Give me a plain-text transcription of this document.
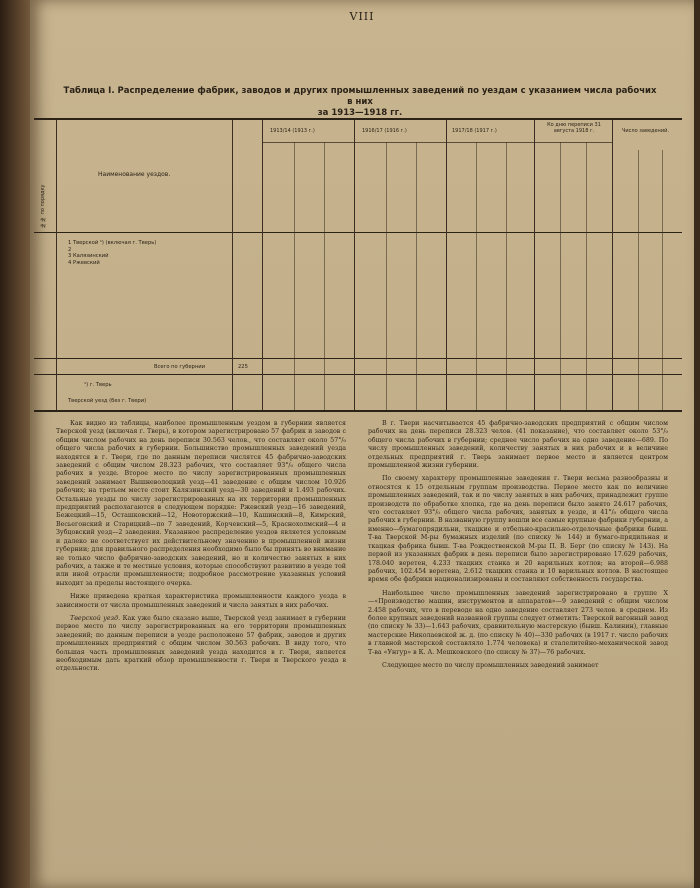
VIII
Таблица I. Распределение фабрик, заводов и других промышленных заведений по уездам с указанием числа рабочих в них
за 1913—1918 гг.
№№ по порядку
Наименование уездов.
1913/14 (1913 г.)	1916/17 (1916 г.)	1917/18 (1917 г.)
Ко дню переписи 31 августа 1918 г.	Число заведений.
1 Тверской ¹) (включая г. Тверь)
2
3 Калязинский
4 Ржевский
Всего по губернии	225
¹) г. Тверь
Тверской уезд (без г. Твери)

Как видно из таблицы, наиболее промышленным уездом в губернии является Тверской уезд (включая г. Тверь), в котором зарегистрировано 57 фабрик и заводов с общим числом рабочих на день переписи 30.563 челов., что составляет около 57°/₀ общего числа рабочих в губернии. Большинство промышленных заведений уезда находятся в г. Твери, где по данным переписи числятся 45 фабрично-заводских заведений с общим числом 28.323 рабочих, что составляет 93°/₀ общего числа рабочих в уезде. Второе место по числу зарегистрированных промышленных заведений занимает Вышневолоцкий уезд—41 заведение с общим числом 10.926 рабочих; на третьем месте стоит Калязинский уезд—30 заведений и 1.493 рабочих. Остальные уезды по числу зарегистрированных на их территории промышленных предприятий располагаются в следующем порядке: Ржевский уезд—16 заведений, Бежецкий—15, Осташковский—12, Новоторжский—10, Кашинский—8, Кимрский, Весьегонский и Старицкий—по 7 заведений, Корчевский—5, Краснохолмский—4 и Зубцовский уезд—2 заведения. Указанное распределение уездов является условным и далеко не соответствует их действительному значению в промышленной жизни губернии; для правильного распределения необходимо было бы принять во внимание не только число фабрично-заводских заведений, но и количество занятых в них рабочих, а также и те местные условия, которые способствуют развитию в уезде той или иной отрасли промышленности; подробное рассмотрение указанных условий выходит за пределы настоящего очерка.

Ниже приведена краткая характеристика промышленности каждого уезда в зависимости от числа промышленных заведений и числа занятых в них рабочих.

Тверской уезд. Как уже было сказано выше, Тверской уезд занимает в губернии первое место по числу зарегистрированных на его территории промышленных заведений; по данным переписи в уезде расположено 57 фабрик, заводов и других промышленных предприятий с общим числом 30.563 рабочих. В виду того, что большая часть промышленных заведений уезда находится в г. Твери, является необходимым дать краткий обзор промышленности г. Твери и Тверского уезда в отдельности.

В г. Твери насчитывается 45 фабрично-заводских предприятий с общим числом рабочих на день переписи 28.323 челов. (41 показание), что составляет около 53°/₀ общего числа рабочих в губернии; среднее число рабочих на одно заведение—689. По числу промышленных заведений, количеству занятых в них рабочих и в величине отдельных предприятий г. Тверь занимает первое место и является центром промышленной жизни губернии.

По своему характеру промышленные заведения г. Твери весьма разнообразны и относятся к 15 отдельным группам производства. Первое место как по величине промышленных заведений, так и по числу занятых в них рабочих, принадлежит группе производств по обработке хлопка, где на день переписи было занято 24.617 рабочих, что составляет 93°/₀ общего числа рабочих, занятых в уезде, и 41°/₀ общего числа рабочих в губернии. В названную группу вошли все самые крупные фабрики губернии, а именно—бумагопрядильни, ткацкие и отбельно-красильно-отделочные фабрики бывш. Т-ва Тверской М-ры бумажных изделий (по списку № 144) и бумаго-прядильная и ткацкая фабрика бывш. Т-ва Рождественской М-ры П. В. Берг (по списку № 143). На первой из указанных фабрик в день переписи было зарегистрировано 17.629 рабочих, 178.040 веретен, 4.233 ткацких станка и 20 варильных котлов; на второй—6.988 рабочих, 102.454 веретена, 2.612 ткацких станка и 10 варильных котлов. В настоящее время обе фабрики национализированы и составляют собственность государства.

Наибольшее число промышленных заведений зарегистрировано в группе X—«Производство машин, инструментов и аппаратов»—9 заведений с общим числом 2.458 рабочих, что в переводе на одно заведение составляет 273 челов. в среднем. Из более крупных заведений названной группы следует отметить: Тверской вагонный завод (по списку № 33)—1.643 рабочих, сравнительную мастерскую (бывш. Калинин), главные мастерские Николаевской ж. д. (по списку № 40)—330 рабочих (в 1917 г. число рабочих в главной мастерской составляло 1.774 человека) и сталелитейно-механической завод Т-ва «Унгур» в К. А. Мешковского (по списку № 37)—76 рабочих.

Следующее место по числу промышленных заведений занимает
